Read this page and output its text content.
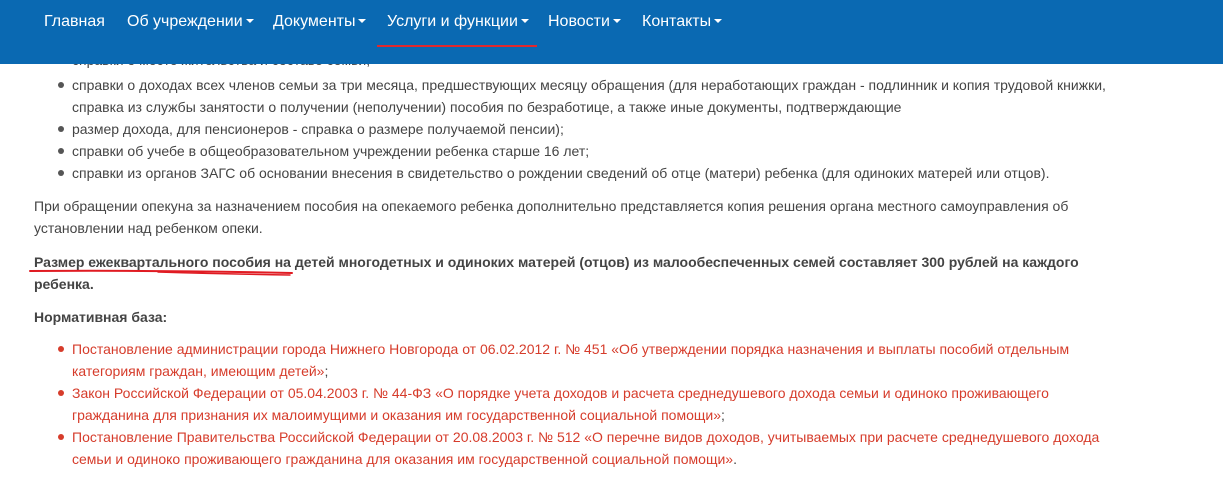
справки о доходах всех членов семьи за три месяца, предшествующих месяцу обращения (для неработающих граждан - подлинник и копия трудовой книжки,
справка из службы занятости о получении (неполучении) пособия по безработице, а также иные документы, подтверждающие
размер дохода, для пенсионеров - справка о размере получаемой пенсии);
справки об учебе в общеобразовательном учреждении ребенка старше 16 лет;
справки из органов ЗАГС об основании внесения в свидетельство о рождении сведений об отце (матери) ребенка (для одиноких матерей или отцов).
При обращении опекуна за назначением пособия на опекаемого ребенка дополнительно представляется копия решения органа местного самоуправления об
установлении над ребенком опеки.
Размер ежеквартального пособия на детей многодетных и одиноких матерей (отцов) из малообеспеченных семей составляет 300 рублей на каждого
ребенка.
Нормативная база:
Постановление администрации города Нижнего Новгорода от 06.02.2012 г. № 451 «Об утверждении порядка назначения и выплаты пособий отдельным
категориям граждан, имеющим детей»;
Закон Российской Федерации от 05.04.2003 г. № 44-ФЗ «О порядке учета доходов и расчета среднедушевого дохода семьи и одиноко проживающего
гражданина для признания их малоимущими и оказания им государственной социальной помощи»;
Постановление Правительства Российской Федерации от 20.08.2003 г. № 512 «О перечне видов доходов, учитываемых при расчете среднедушевого дохода
семьи и одиноко проживающего гражданина для оказания им государственной социальной помощи».
Главная Об учреждении	Документы	Услуги и функции	Новости	Контакты
